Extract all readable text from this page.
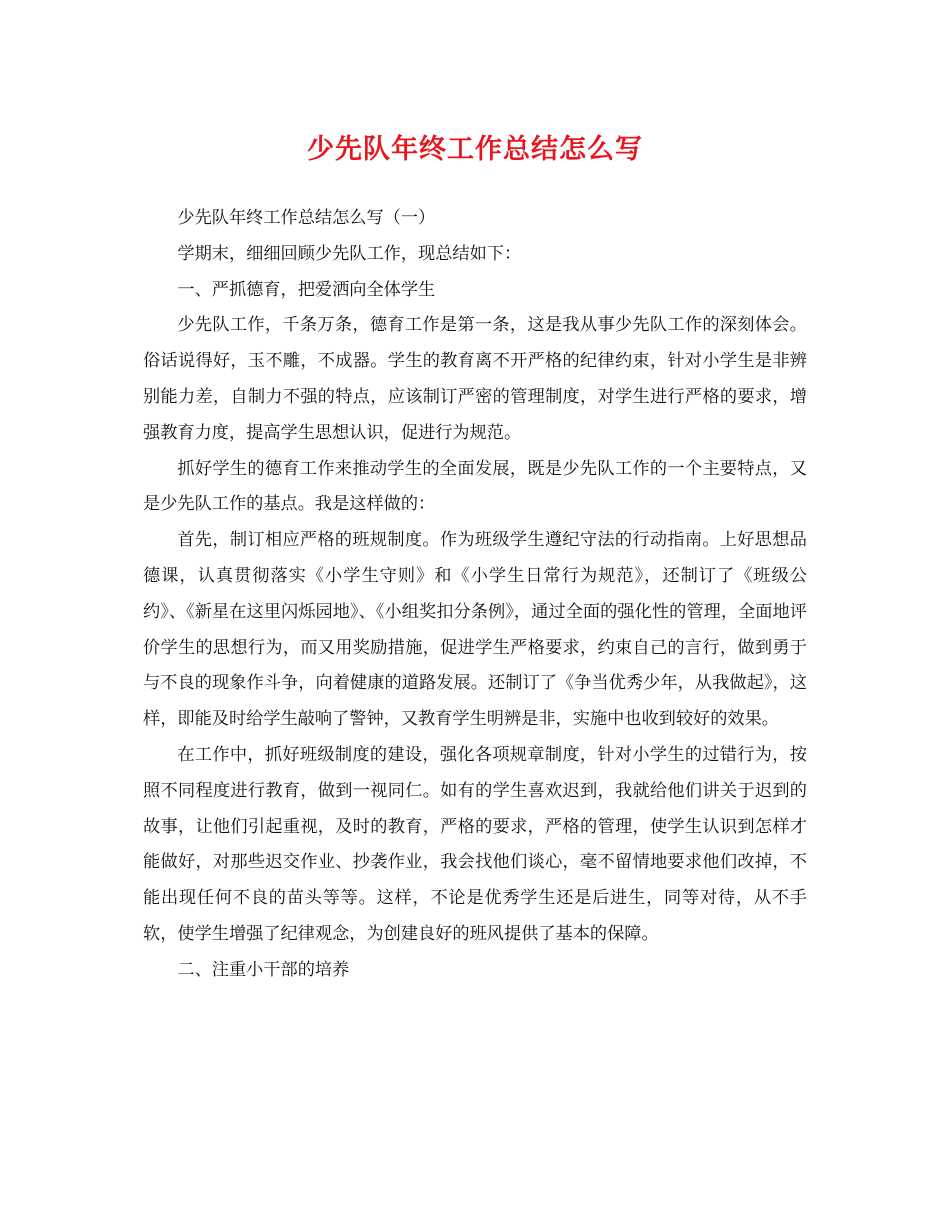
少先队年终工作总结怎么写

少先队年终工作总结怎么写（一）

学期末，细细回顾少先队工作，现总结如下：

一、严抓德育，把爱洒向全体学生

少先队工作，千条万条，德育工作是第一条，这是我从事少先队工作的深刻体会。俗话说得好，玉不雕，不成器。学生的教育离不开严格的纪律约束，针对小学生是非辨别能力差，自制力不强的特点，应该制订严密的管理制度，对学生进行严格的要求，增强教育力度，提高学生思想认识，促进行为规范。

抓好学生的德育工作来推动学生的全面发展，既是少先队工作的一个主要特点，又是少先队工作的基点。我是这样做的：

首先，制订相应严格的班规制度。作为班级学生遵纪守法的行动指南。上好思想品德课，认真贯彻落实《小学生守则》和《小学生日常行为规范》，还制订了《班级公约》、《新星在这里闪烁园地》、《小组奖扣分条例》，通过全面的强化性的管理，全面地评价学生的思想行为，而又用奖励措施，促进学生严格要求，约束自己的言行，做到勇于与不良的现象作斗争，向着健康的道路发展。还制订了《争当优秀少年，从我做起》，这样，即能及时给学生敲响了警钟，又教育学生明辨是非，实施中也收到较好的效果。

在工作中，抓好班级制度的建设，强化各项规章制度，针对小学生的过错行为，按照不同程度进行教育，做到一视同仁。如有的学生喜欢迟到，我就给他们讲关于迟到的故事，让他们引起重视，及时的教育，严格的要求，严格的管理，使学生认识到怎样才能做好，对那些迟交作业、抄袭作业，我会找他们谈心，毫不留情地要求他们改掉，不能出现任何不良的苗头等等。这样，不论是优秀学生还是后进生，同等对待，从不手软，使学生增强了纪律观念，为创建良好的班风提供了基本的保障。

二、注重小干部的培养
